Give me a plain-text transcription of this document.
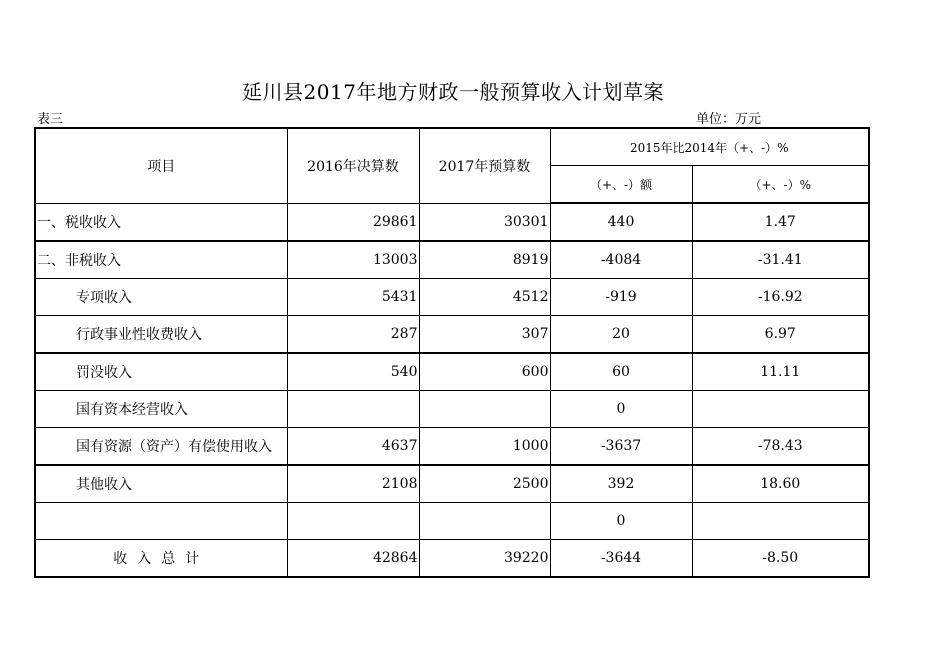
延川县2017年地方财政一般预算收入计划草案
表三	单位：万元
项目	2016年决算数	2017年预算数	2015年比2014年（+、-）%	
			（+、-）额	（+、-）%
一、税收收入	29861	30301	440	1.47
二、非税收入	13003	8919	-4084	-31.41
专项收入	5431	4512	-919	-16.92
行政事业性收费收入	287	307	20	6.97
罚没收入	540	600	60	11.11
国有资本经营收入			0	
国有资源（资产）有偿使用收入	4637	1000	-3637	-78.43
其他收入	2108	2500	392	18.60
			0	
收入总计	42864	39220	-3644	-8.50
